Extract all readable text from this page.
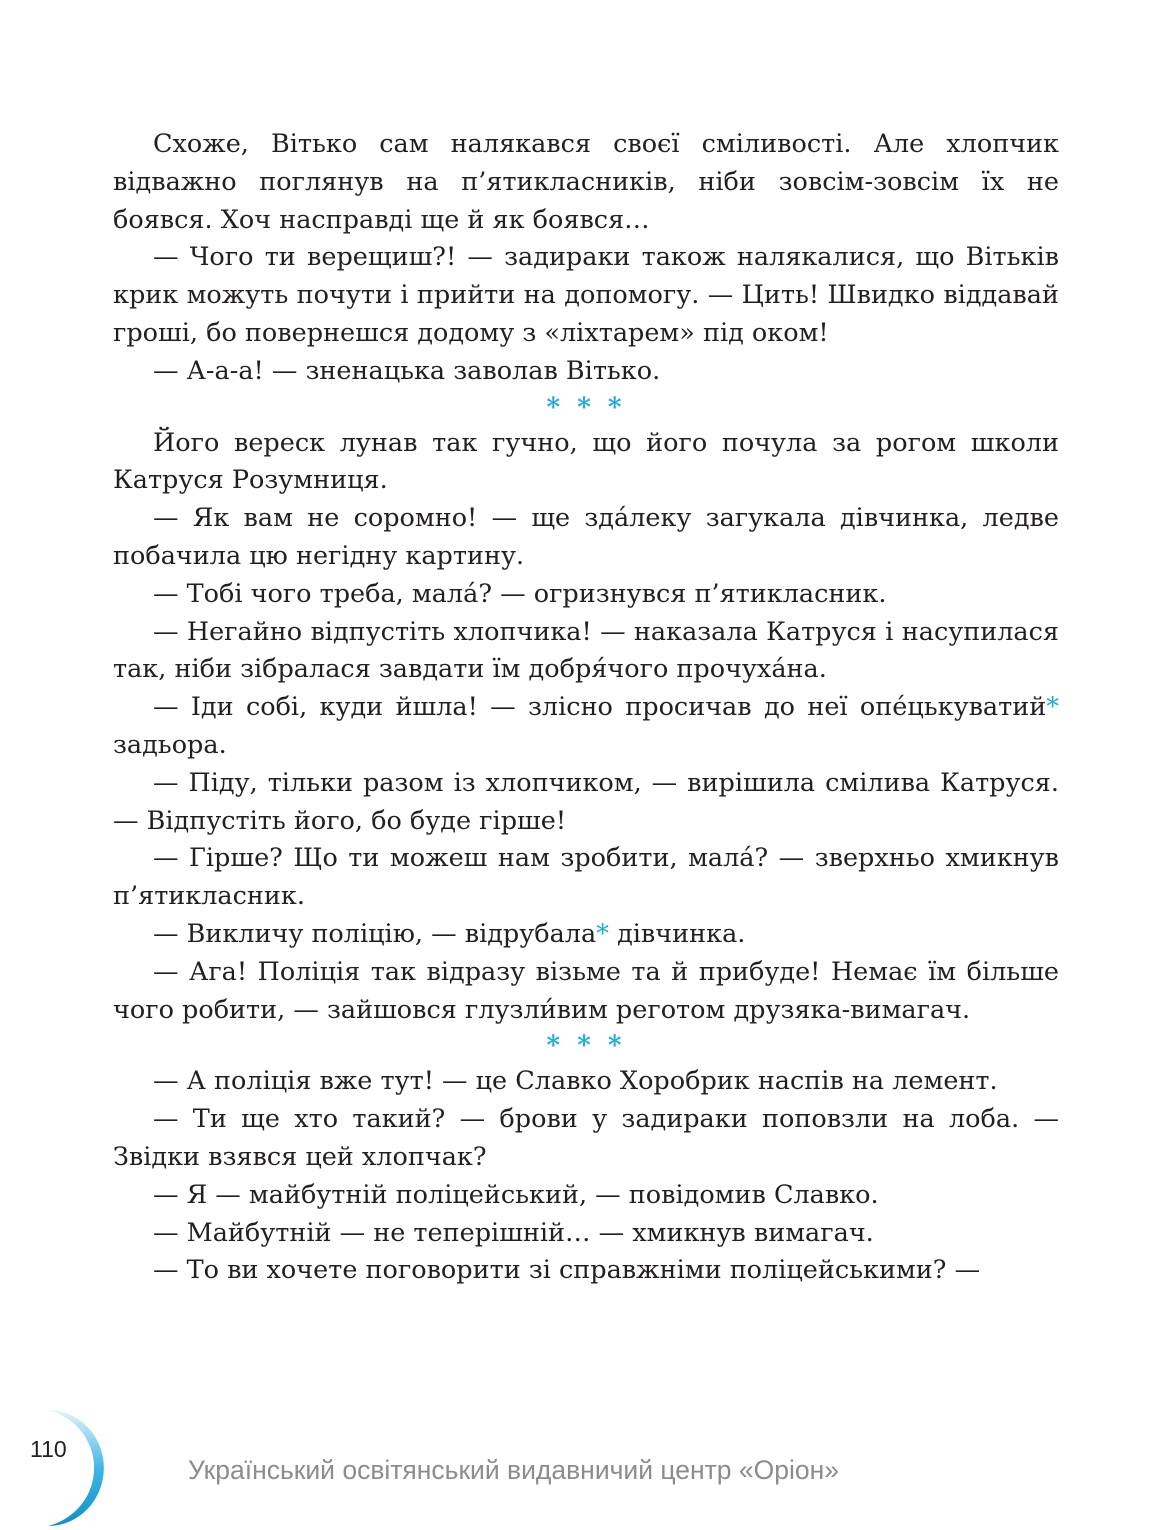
Схоже, Вітько сам налякався своєї сміливості. Але хлопчик відважно поглянув на п’ятикласників, ніби зовсім-зовсім їх не боявся. Хоч насправді ще й як боявся…

— Чого ти верещиш?! — задираки також налякалися, що Вітьків крик можуть почути і прийти на допомогу. — Цить! Швидко віддавай гроші, бо повернешся додому з «ліхтарем» під оком!

— А-а-а! — зненацька заволав Вітько.

* * *

Його вереск лунав так гучно, що його почула за рогом школи Катруся Розумниця.

— Як вам не соромно! — ще зда́леку загукала дівчинка, ледве побачила цю негідну картину.

— Тобі чого треба, мала́? — огризнувся п’ятикласник.

— Негайно відпустіть хлопчика! — наказала Катруся і насупилася так, ніби зібралася завдати їм добря́чого прочуха́на.

— Іди собі, куди йшла! — злісно просичав до неї опе́цькуватий* задьора.

— Піду, тільки разом із хлопчиком, — вирішила смілива Катруся. — Відпустіть його, бо буде гірше!

— Гірше? Що ти можеш нам зробити, мала́? — зверхньо хмикнув п’ятикласник.

— Викличу поліцію, — відрубала* дівчинка.

— Ага! Поліція так відразу візьме та й прибуде! Немає їм більше чого робити, — зайшовся глузли́вим реготом друзяка-вимагач.

* * *

— А поліція вже тут! — це Славко Хоробрик наспів на лемент.

— Ти ще хто такий? — брови у задираки поповзли на лоба. — Звідки взявся цей хлопчак?

— Я — майбутній поліцейський, — повідомив Славко.

— Майбутній — не теперішній… — хмикнув вимагач.

— То ви хочете поговорити зі справжніми поліцейськими? —

110
Український освітянський видавничий центр «Оріон»
